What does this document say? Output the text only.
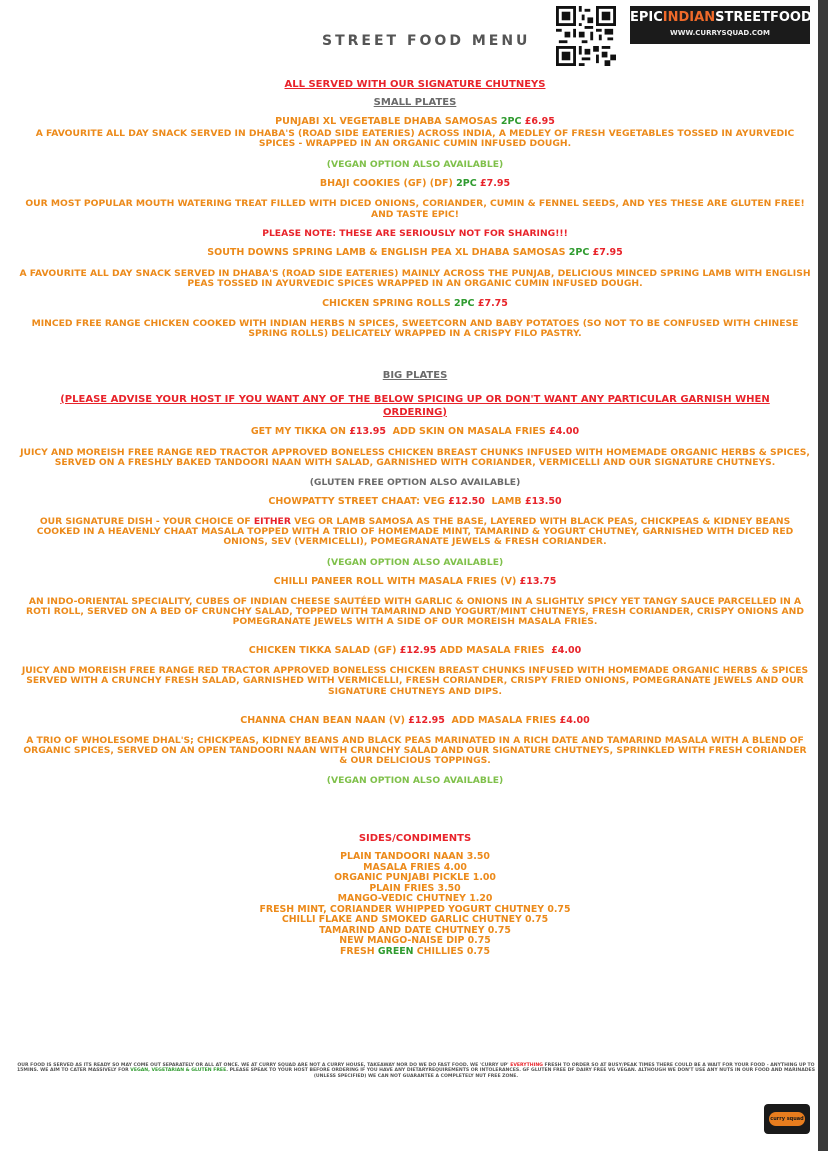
STREET FOOD MENU
EPICINDIANSTREETFOOD
WWW.CURRYSQUAD.COM

ALL SERVED WITH OUR SIGNATURE CHUTNEYS

SMALL PLATES

PUNJABI XL VEGETABLE DHABA SAMOSAS 2PC £6.95

A FAVOURITE ALL DAY SNACK SERVED IN DHABA'S (ROAD SIDE EATERIES) ACROSS INDIA, A MEDLEY OF FRESH VEGETABLES TOSSED IN AYURVEDIC SPICES - WRAPPED IN AN ORGANIC CUMIN INFUSED DOUGH.

(VEGAN OPTION ALSO AVAILABLE)

BHAJI COOKIES (GF) (DF) 2PC £7.95

OUR MOST POPULAR MOUTH WATERING TREAT FILLED WITH DICED ONIONS, CORIANDER, CUMIN & FENNEL SEEDS, AND YES THESE ARE GLUTEN FREE! AND TASTE EPIC!

PLEASE NOTE: THESE ARE SERIOUSLY NOT FOR SHARING!!!

SOUTH DOWNS SPRING LAMB & ENGLISH PEA XL DHABA SAMOSAS 2PC £7.95

A FAVOURITE ALL DAY SNACK SERVED IN DHABA'S (ROAD SIDE EATERIES) MAINLY ACROSS THE PUNJAB, DELICIOUS MINCED SPRING LAMB WITH ENGLISH PEAS TOSSED IN AYURVEDIC SPICES WRAPPED IN AN ORGANIC CUMIN INFUSED DOUGH.

CHICKEN SPRING ROLLS 2PC £7.75

MINCED FREE RANGE CHICKEN COOKED WITH INDIAN HERBS N SPICES, SWEETCORN AND BABY POTATOES (SO NOT TO BE CONFUSED WITH CHINESE SPRING ROLLS) DELICATELY WRAPPED IN A CRISPY FILO PASTRY.

BIG PLATES

(PLEASE ADVISE YOUR HOST IF YOU WANT ANY OF THE BELOW SPICING UP OR DON'T WANT ANY PARTICULAR GARNISH WHEN ORDERING)

GET MY TIKKA ON £13.95 ADD SKIN ON MASALA FRIES £4.00

JUICY AND MOREISH FREE RANGE RED TRACTOR APPROVED BONELESS CHICKEN BREAST CHUNKS INFUSED WITH HOMEMADE ORGANIC HERBS & SPICES, SERVED ON A FRESHLY BAKED TANDOORI NAAN WITH SALAD, GARNISHED WITH CORIANDER, VERMICELLI AND OUR SIGNATURE CHUTNEYS.

(GLUTEN FREE OPTION ALSO AVAILABLE)

CHOWPATTY STREET CHAAT: VEG £12.50 LAMB £13.50

OUR SIGNATURE DISH - YOUR CHOICE OF EITHER VEG OR LAMB SAMOSA AS THE BASE, LAYERED WITH BLACK PEAS, CHICKPEAS & KIDNEY BEANS COOKED IN A HEAVENLY CHAAT MASALA TOPPED WITH A TRIO OF HOMEMADE MINT, TAMARIND & YOGURT CHUTNEY, GARNISHED WITH DICED RED ONIONS, SEV (VERMICELLI), POMEGRANATE JEWELS & FRESH CORIANDER.

(VEGAN OPTION ALSO AVAILABLE)

CHILLI PANEER ROLL WITH MASALA FRIES (V) £13.75

AN INDO-ORIENTAL SPECIALITY, CUBES OF INDIAN CHEESE SAUTÉED WITH GARLIC & ONIONS IN A SLIGHTLY SPICY YET TANGY SAUCE PARCELLED IN A ROTI ROLL, SERVED ON A BED OF CRUNCHY SALAD, TOPPED WITH TAMARIND AND YOGURT/MINT CHUTNEYS, FRESH CORIANDER, CRISPY ONIONS AND POMEGRANATE JEWELS WITH A SIDE OF OUR MOREISH MASALA FRIES.

CHICKEN TIKKA SALAD (GF) £12.95 ADD MASALA FRIES £4.00

JUICY AND MOREISH FREE RANGE RED TRACTOR APPROVED BONELESS CHICKEN BREAST CHUNKS INFUSED WITH HOMEMADE ORGANIC HERBS & SPICES SERVED WITH A CRUNCHY FRESH SALAD, GARNISHED WITH VERMICELLI, FRESH CORIANDER, CRISPY FRIED ONIONS, POMEGRANATE JEWELS AND OUR SIGNATURE CHUTNEYS AND DIPS.

CHANNA CHAN BEAN NAAN (V) £12.95 ADD MASALA FRIES £4.00

A TRIO OF WHOLESOME DHAL'S; CHICKPEAS, KIDNEY BEANS AND BLACK PEAS MARINATED IN A RICH DATE AND TAMARIND MASALA WITH A BLEND OF ORGANIC SPICES, SERVED ON AN OPEN TANDOORI NAAN WITH CRUNCHY SALAD AND OUR SIGNATURE CHUTNEYS, SPRINKLED WITH FRESH CORIANDER & OUR DELICIOUS TOPPINGS.

(VEGAN OPTION ALSO AVAILABLE)

SIDES/CONDIMENTS

PLAIN TANDOORI NAAN 3.50

MASALA FRIES 4.00

ORGANIC PUNJABI PICKLE 1.00

PLAIN FRIES 3.50

MANGO-VEDIC CHUTNEY 1.20

FRESH MINT, CORIANDER WHIPPED YOGURT CHUTNEY 0.75

CHILLI FLAKE AND SMOKED GARLIC CHUTNEY 0.75

TAMARIND AND DATE CHUTNEY 0.75

NEW MANGO-NAISE DIP 0.75

FRESH GREEN CHILLIES 0.75

OUR FOOD IS SERVED AS ITS READY SO MAY COME OUT SEPARATELY OR ALL AT ONCE. WE AT CURRY SQUAD ARE NOT A CURRY HOUSE, TAKEAWAY NOR DO WE DO FAST FOOD. WE 'CURRY UP' EVERYTHING FRESH TO ORDER SO AT BUSY/PEAK TIMES THERE COULD BE A WAIT FOR YOUR FOOD - ANYTHING UP TO 15MINS. WE AIM TO CATER MASSIVELY FOR VEGAN, VEGETARIAN & GLUTEN FREE. PLEASE SPEAK TO YOUR HOST BEFORE ORDERING IF YOU HAVE ANY DIETARYREQUIREMENTS OR INTOLERANCES. GF GLUTEN FREE DF DAIRY FREE VG VEGAN. ALTHOUGH WE DON'T USE ANY NUTS IN OUR FOOD AND MARINADES (UNLESS SPECIFIED) WE CAN NOT GUARANTEE A COMPLETELY NUT FREE ZONE.
curry squad
